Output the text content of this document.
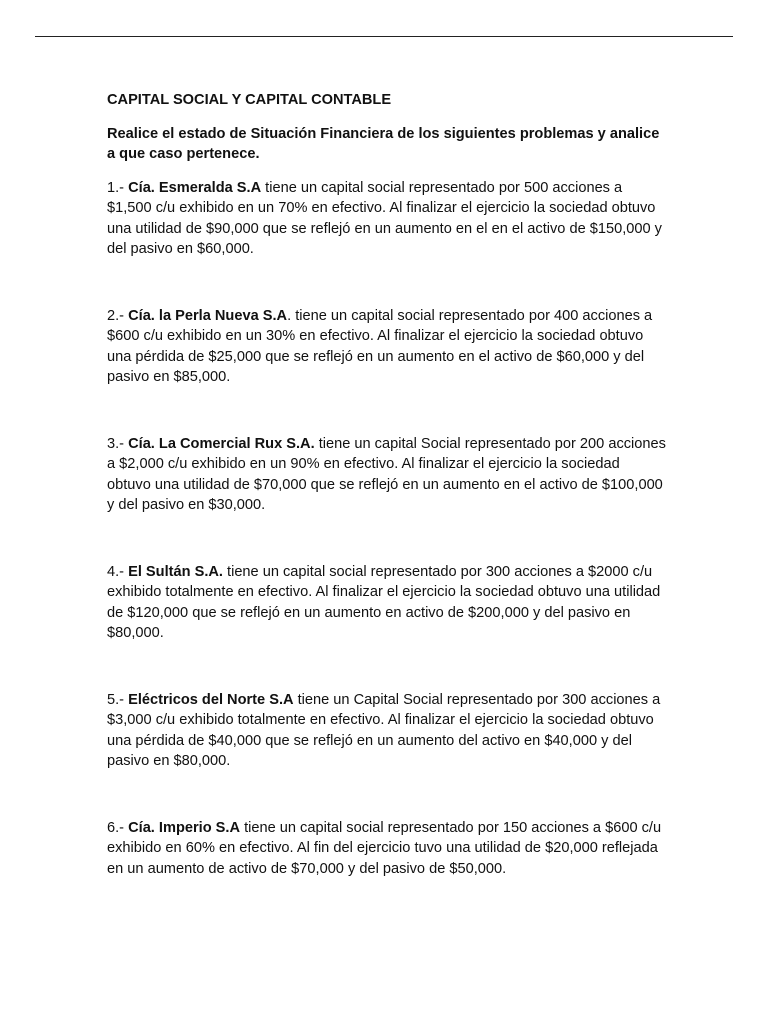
CAPITAL SOCIAL Y CAPITAL CONTABLE

Realice el estado de Situación Financiera de los siguientes problemas y analice a que caso pertenece.

1.- Cía. Esmeralda S.A tiene un capital social representado por 500 acciones a $1,500 c/u exhibido en un 70% en efectivo. Al finalizar el ejercicio la sociedad obtuvo una utilidad de $90,000 que se reflejó en un aumento en el en el activo de $150,000 y del pasivo en $60,000.

2.- Cía. la Perla Nueva S.A. tiene un capital social representado por 400 acciones a $600 c/u exhibido en un 30% en efectivo. Al finalizar el ejercicio la sociedad obtuvo una pérdida de $25,000 que se reflejó en un aumento en el activo de $60,000 y del pasivo en $85,000.

3.- Cía. La Comercial Rux S.A. tiene un capital Social representado por 200 acciones a $2,000 c/u exhibido en un 90% en efectivo. Al finalizar el ejercicio la sociedad obtuvo una utilidad de $70,000 que se reflejó en un aumento en el activo de $100,000 y del pasivo en $30,000.

4.- El Sultán S.A. tiene un capital social representado por 300 acciones a $2000 c/u exhibido totalmente en efectivo. Al finalizar el ejercicio la sociedad obtuvo una utilidad de $120,000 que se reflejó en un aumento en activo de $200,000 y del pasivo en $80,000.

5.- Eléctricos del Norte S.A tiene un Capital Social representado por 300 acciones a $3,000 c/u exhibido totalmente en efectivo. Al finalizar el ejercicio la sociedad obtuvo una pérdida de $40,000 que se reflejó en un aumento del activo en $40,000 y del pasivo en $80,000.

6.- Cía. Imperio S.A tiene un capital social representado por 150 acciones a $600 c/u exhibido en 60% en efectivo. Al fin del ejercicio tuvo una utilidad de $20,000 reflejada en un aumento de activo de $70,000 y del pasivo de $50,000.
